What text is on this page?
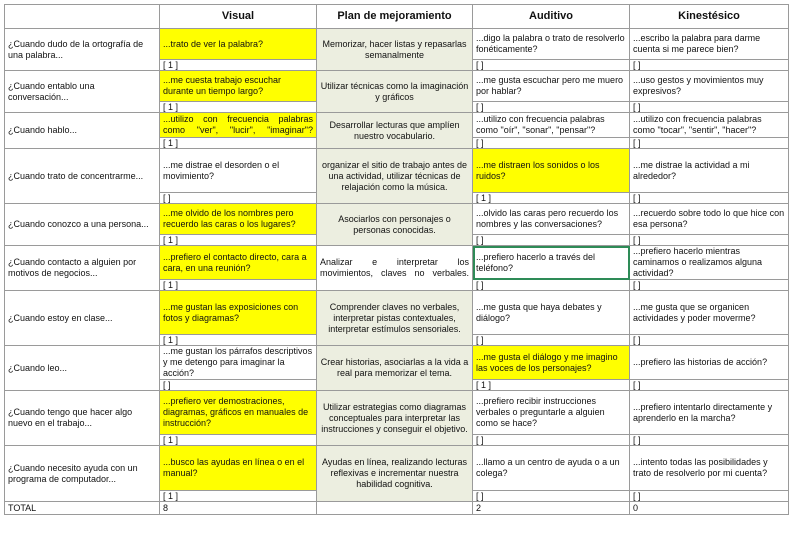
	Visual	Plan de mejoramiento	Auditivo	Kinestésico
¿Cuando dudo de la ortografía de una palabra...	...trato de ver la palabra?	Memorizar, hacer listas y repasarlas semanalmente	...digo la palabra o trato de resolverlo fonéticamente?	...escribo la palabra para darme cuenta si me parece bien?
	[ 1 ]		[ ]	[ ]
¿Cuando entablo una conversación...	...me cuesta trabajo escuchar durante un tiempo largo?	Utilizar técnicas como la imaginación y gráficos	...me gusta escuchar pero me muero por hablar?	...uso gestos y movimientos muy expresivos?
	[ 1 ]		[ ]	[ ]
¿Cuando hablo...	...utilizo con frecuencia palabras como "ver", "lucir", "imaginar"?	Desarrollar lecturas que amplíen nuestro vocabulario.	...utilizo con frecuencia palabras como "oír", "sonar", "pensar"?	...utilizo con frecuencia palabras como "tocar", "sentir", "hacer"?
	[ 1 ]		[ ]	[ ]
¿Cuando trato de concentrarme...	...me distrae el desorden o el movimiento?	organizar el sitio de trabajo antes de una actividad, utilizar técnicas de relajación como la música.	...me distraen los sonidos o los ruidos?	...me distrae la actividad a mi alrededor?
	[ ]		[ 1 ]	[ ]
¿Cuando conozco a una persona...	...me olvido de los nombres pero recuerdo las caras o los lugares?	Asociarlos con personajes o personas conocidas.	...olvido las caras pero recuerdo los nombres y las conversaciones?	...recuerdo sobre todo lo que hice con esa persona?
	[ 1 ]		[ ]	[ ]
¿Cuando contacto a alguien por motivos de negocios...	...prefiero el contacto directo, cara a cara, en una reunión?	Analizar e interpretar los movimientos, claves no verbales.	...prefiero hacerlo a través del teléfono?	...prefiero hacerlo mientras caminamos o realizamos alguna actividad?
	[ 1 ]		[ ]	[ ]
¿Cuando estoy en clase...	...me gustan las exposiciones con fotos y diagramas?	Comprender claves no verbales, interpretar pistas contextuales, interpretar estímulos sensoriales.	...me gusta que haya debates y diálogo?	...me gusta que se organicen actividades y poder moverme?
	[ 1 ]		[ ]	[ ]
¿Cuando leo...	...me gustan los párrafos descriptivos y me detengo para imaginar la acción?	Crear historias, asociarlas a la vida a real para memorizar el tema.	...me gusta el diálogo y me imagino las voces de los personajes?	...prefiero las historias de acción?
	[ ]		[ 1 ]	[ ]
¿Cuando tengo que hacer algo nuevo en el trabajo...	...prefiero ver demostraciones, diagramas, gráficos en manuales de instrucción?	Utilizar estrategias como diagramas conceptuales para interpretar las instrucciones y conseguir el objetivo.	...prefiero recibir instrucciones verbales o preguntarle a alguien como se hace?	...prefiero intentarlo directamente y aprenderlo en la marcha?
	[ 1 ]		[ ]	[ ]
¿Cuando necesito ayuda con un programa de computador...	...busco las ayudas en línea o en el manual?	Ayudas en línea, realizando lecturas reflexivas e incrementar nuestra habilidad cognitiva.	...llamo a un centro de ayuda o a un colega?	...intento todas las posibilidades y trato de resolverlo por mi cuenta?
	[ 1 ]		[ ]	[ ]
TOTAL	8		2	0
